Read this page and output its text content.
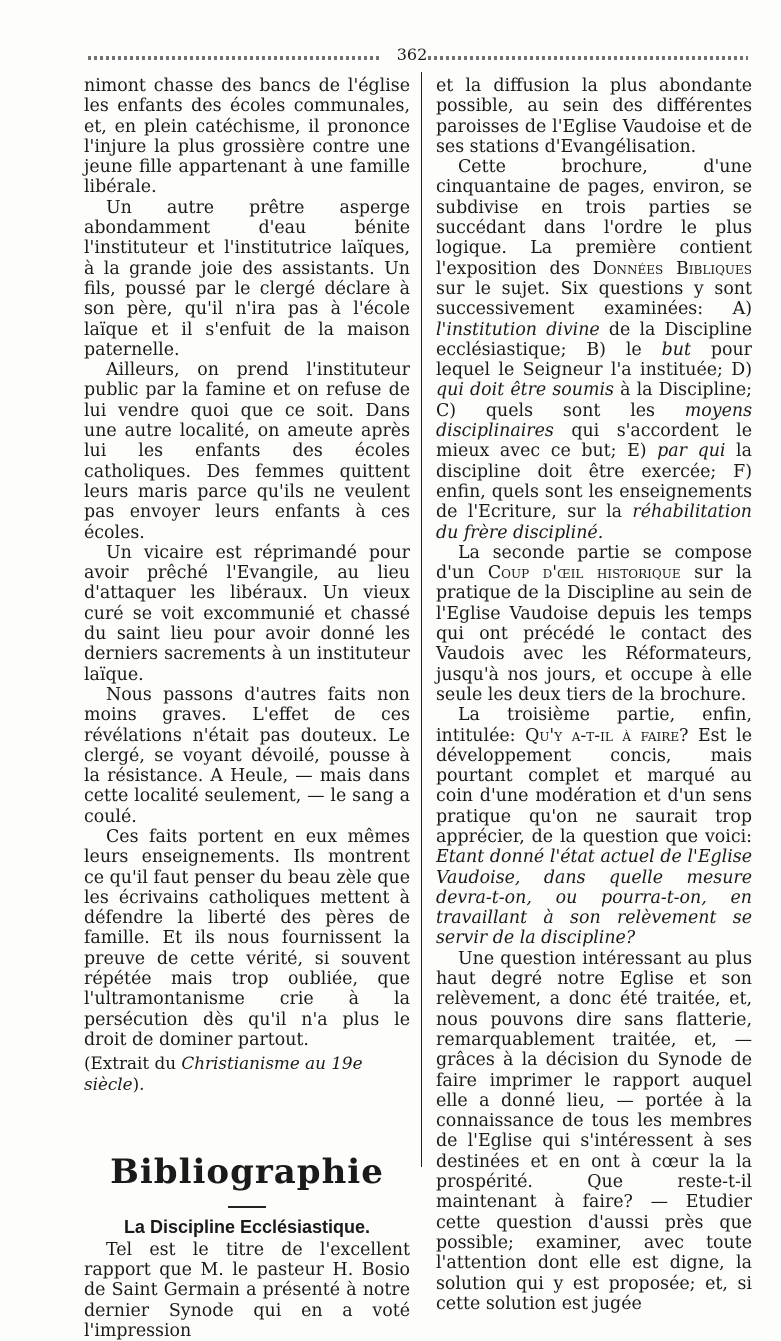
362

nimont chasse des bancs de l'église les enfants des écoles communales, et, en plein catéchisme, il prononce l'injure la plus grossière contre une jeune fille appartenant à une famille libérale.

Un autre prêtre asperge abondamment d'eau bénite l'instituteur et l'institutrice laïques, à la grande joie des assistants. Un fils, poussé par le clergé déclare à son père, qu'il n'ira pas à l'école laïque et il s'enfuit de la maison paternelle.

Ailleurs, on prend l'instituteur public par la famine et on refuse de lui vendre quoi que ce soit. Dans une autre localité, on ameute après lui les enfants des écoles catholiques. Des femmes quittent leurs maris parce qu'ils ne veulent pas envoyer leurs enfants à ces écoles.

Un vicaire est réprimandé pour avoir prêché l'Evangile, au lieu d'attaquer les libéraux. Un vieux curé se voit excommunié et chassé du saint lieu pour avoir donné les derniers sacrements à un instituteur laïque.

Nous passons d'autres faits non moins graves. L'effet de ces révélations n'était pas douteux. Le clergé, se voyant dévoilé, pousse à la résistance. A Heule, — mais dans cette localité seulement, — le sang a coulé.

Ces faits portent en eux mêmes leurs enseignements. Ils montrent ce qu'il faut penser du beau zèle que les écrivains catholiques mettent à défendre la liberté des pères de famille. Et ils nous fournissent la preuve de cette vérité, si souvent répétée mais trop oubliée, que l'ultramontanisme crie à la persécution dès qu'il n'a plus le droit de dominer partout.

(Extrait du Christianisme au 19e siècle).

Bibliographie
La Discipline Ecclésiastique.

Tel est le titre de l'excellent rapport que M. le pasteur H. Bosio de Saint Germain a présenté à notre dernier Synode qui en a voté l'impression

et la diffusion la plus abondante possible, au sein des différentes paroisses de l'Eglise Vaudoise et de ses stations d'Evangélisation.

Cette brochure, d'une cinquantaine de pages, environ, se subdivise en trois parties se succédant dans l'ordre le plus logique. La première contient l'exposition des Données Bibliques sur le sujet. Six questions y sont successivement examinées: A) l'institution divine de la Discipline ecclésiastique; B) le but pour lequel le Seigneur l'a instituée; D) qui doit être soumis à la Discipline; C) quels sont les moyens disciplinaires qui s'accordent le mieux avec ce but; E) par qui la discipline doit être exercée; F) enfin, quels sont les enseignements de l'Ecriture, sur la réhabilitation du frère discipliné.

La seconde partie se compose d'un Coup d'œil historique sur la pratique de la Discipline au sein de l'Eglise Vaudoise depuis les temps qui ont précédé le contact des Vaudois avec les Réformateurs, jusqu'à nos jours, et occupe à elle seule les deux tiers de la brochure.

La troisième partie, enfin, intitulée: Qu'y a-t-il à faire? Est le développement concis, mais pourtant complet et marqué au coin d'une modération et d'un sens pratique qu'on ne saurait trop apprécier, de la question que voici: Etant donné l'état actuel de l'Eglise Vaudoise, dans quelle mesure devra-t-on, ou pourra-t-on, en travaillant à son relèvement se servir de la discipline?

Une question intéressant au plus haut degré notre Eglise et son relèvement, a donc été traitée, et, nous pouvons dire sans flatterie, remarquablement traitée, et, — grâces à la décision du Synode de faire imprimer le rapport auquel elle a donné lieu, — portée à la connaissance de tous les membres de l'Eglise qui s'intéressent à ses destinées et en ont à cœur la la prospérité. Que reste-t-il maintenant à faire? — Etudier cette question d'aussi près que possible; examiner, avec toute l'attention dont elle est digne, la solution qui y est proposée; et, si cette solution est jugée
